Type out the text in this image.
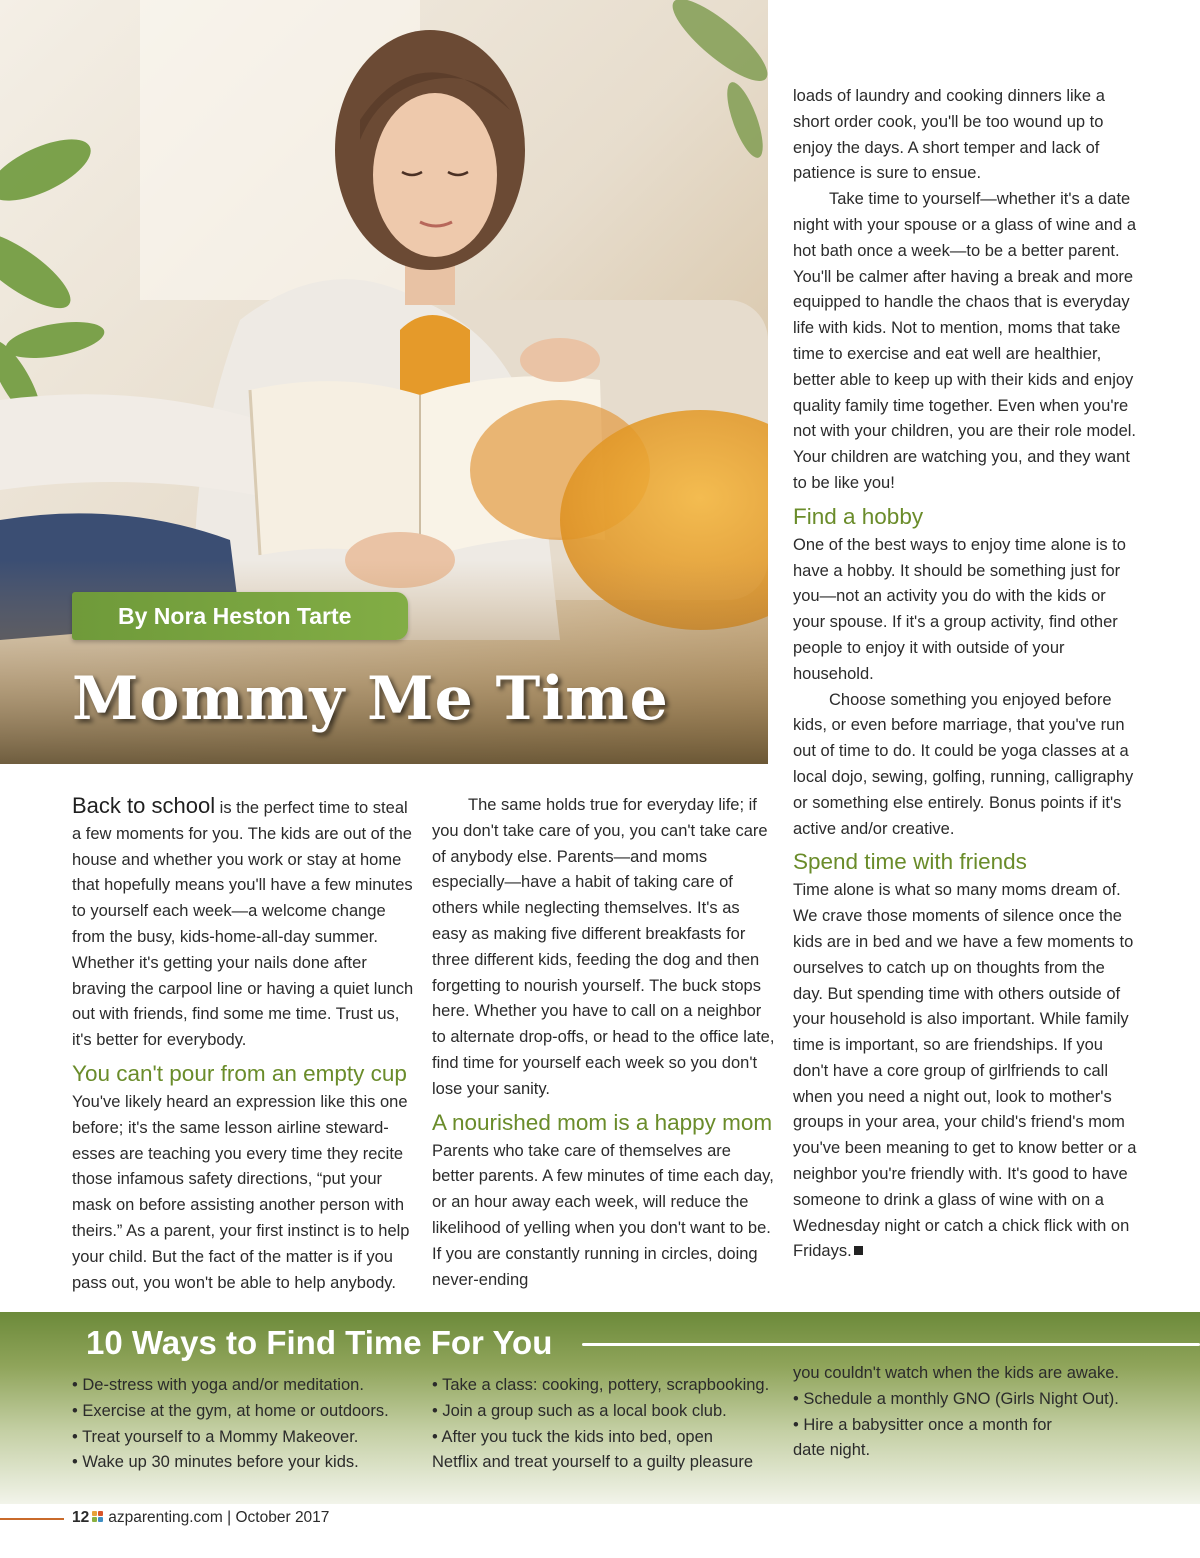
By Nora Heston Tarte
Mommy Me Time

Back to school is the perfect time to steal a few moments for you. The kids are out of the house and whether you work or stay at home that hopefully means you'll have a few minutes to yourself each week—a welcome change from the busy, kids-home-all-day summer. Whether it's getting your nails done after braving the carpool line or having a quiet lunch out with friends, find some me time. Trust us, it's better for everybody.

You can't pour from an empty cup

You've likely heard an expression like this one before; it's the same lesson airline steward-esses are teaching you every time they recite those infamous safety directions, “put your mask on before assisting another person with theirs.” As a parent, your first instinct is to help your child. But the fact of the matter is if you pass out, you won't be able to help anybody.

The same holds true for everyday life; if you don't take care of you, you can't take care of anybody else. Parents—and moms especially—have a habit of taking care of others while neglecting themselves. It's as easy as making five different breakfasts for three different kids, feeding the dog and then forgetting to nourish yourself. The buck stops here. Whether you have to call on a neighbor to alternate drop-offs, or head to the office late, find time for yourself each week so you don't lose your sanity.

A nourished mom is a happy mom

Parents who take care of themselves are better parents. A few minutes of time each day, or an hour away each week, will reduce the likelihood of yelling when you don't want to be. If you are constantly running in circles, doing never-ending

loads of laundry and cooking dinners like a short order cook, you'll be too wound up to enjoy the days. A short temper and lack of patience is sure to ensue.

Take time to yourself—whether it's a date night with your spouse or a glass of wine and a hot bath once a week—to be a better parent. You'll be calmer after having a break and more equipped to handle the chaos that is everyday life with kids. Not to mention, moms that take time to exercise and eat well are healthier, better able to keep up with their kids and enjoy quality family time together. Even when you're not with your children, you are their role model. Your children are watching you, and they want to be like you!

Find a hobby

One of the best ways to enjoy time alone is to have a hobby. It should be something just for you—not an activity you do with the kids or your spouse. If it's a group activity, find other people to enjoy it with outside of your household.

Choose something you enjoyed before kids, or even before marriage, that you've run out of time to do. It could be yoga classes at a local dojo, sewing, golfing, running, calligraphy or something else entirely. Bonus points if it's active and/or creative.

Spend time with friends

Time alone is what so many moms dream of. We crave those moments of silence once the kids are in bed and we have a few moments to ourselves to catch up on thoughts from the day. But spending time with others outside of your household is also important. While family time is important, so are friendships. If you don't have a core group of girlfriends to call when you need a night out, look to mother's groups in your area, your child's friend's mom you've been meaning to get to know better or a neighbor you're friendly with. It's good to have someone to drink a glass of wine with on a Wednesday night or catch a chick flick with on Fridays.

10 Ways to Find Time For You
• De-stress with yoga and/or meditation.
• Exercise at the gym, at home or outdoors.
• Treat yourself to a Mommy Makeover.
• Wake up 30 minutes before your kids.
• Take a class: cooking, pottery, scrapbooking.
• Join a group such as a local book club.
• After you tuck the kids into bed, open
Netflix and treat yourself to a guilty pleasure
you couldn't watch when the kids are awake.
• Schedule a monthly GNO (Girls Night Out).
• Hire a babysitter once a month for
date night.
12 azparenting.com | October 2017
